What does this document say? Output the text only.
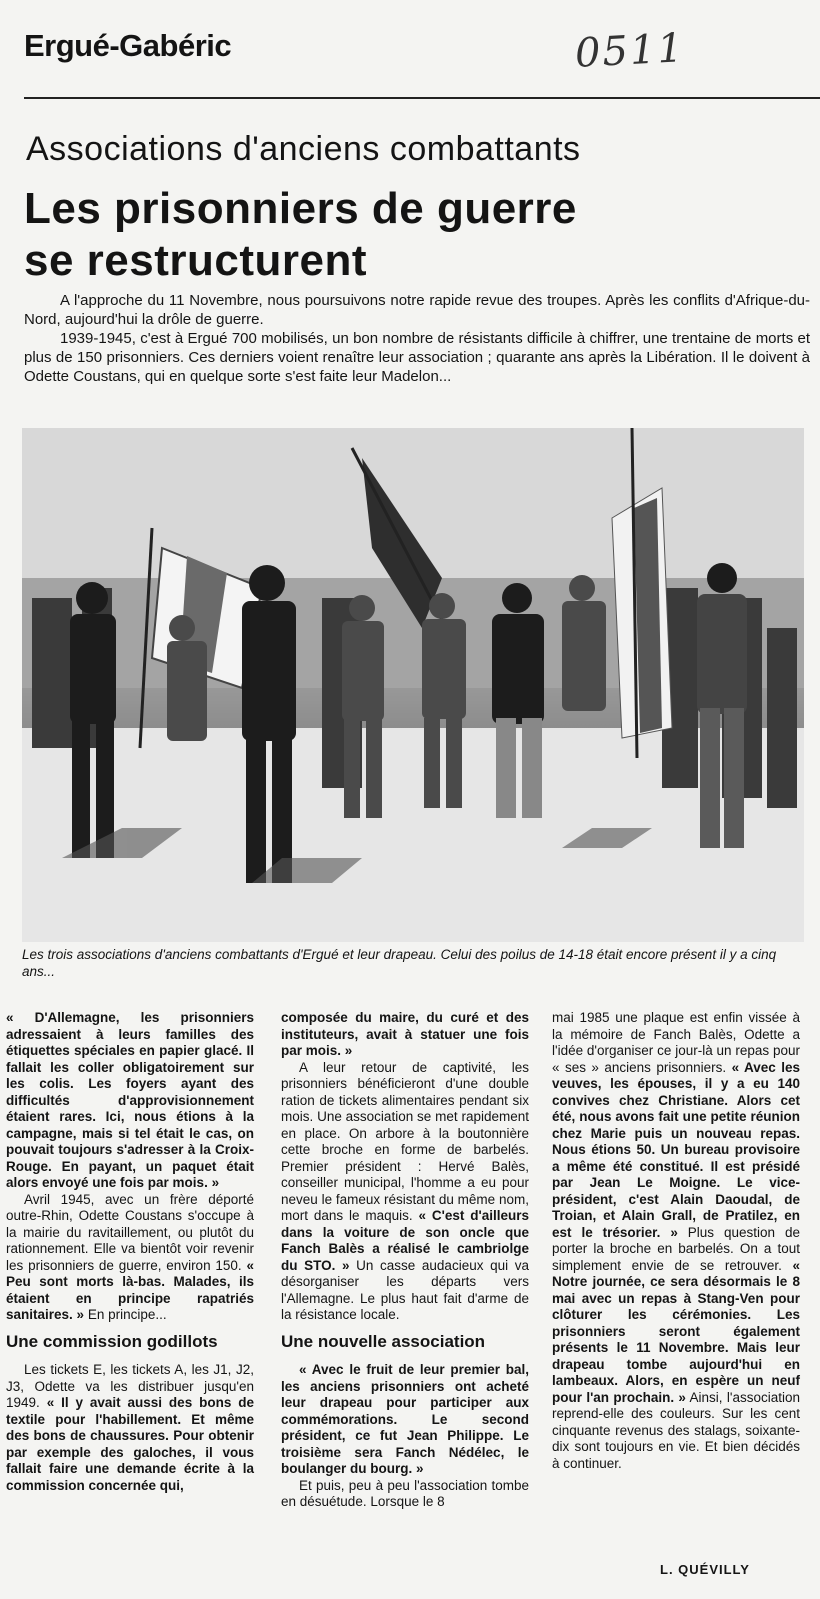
Ergué-Gabéric	0511
Associations d'anciens combattants
Les prisonniers de guerre
se restructurent

A l'approche du 11 Novembre, nous poursuivons notre rapide revue des troupes. Après les conflits d'Afrique-du-Nord, aujourd'hui la drôle de guerre.

1939-1945, c'est à Ergué 700 mobilisés, un bon nombre de résistants difficile à chiffrer, une trentaine de morts et plus de 150 prisonniers. Ces derniers voient renaître leur association ; quarante ans après la Libération. Il le doivent à Odette Coustans, qui en quelque sorte s'est faite leur Madelon...

Les trois associations d'anciens combattants d'Ergué et leur drapeau. Celui des poilus de 14-18 était encore présent il y a cinq ans...

« D'Allemagne, les prisonniers adressaient à leurs familles des étiquettes spéciales en papier glacé. Il fallait les coller obligatoirement sur les colis. Les foyers ayant des difficultés d'approvisionnement étaient rares. Ici, nous étions à la campagne, mais si tel était le cas, on pouvait toujours s'adresser à la Croix-Rouge. En payant, un paquet était alors envoyé une fois par mois. »

Avril 1945, avec un frère déporté outre-Rhin, Odette Coustans s'occupe à la mairie du ravitaillement, ou plutôt du rationnement. Elle va bientôt voir revenir les prisonniers de guerre, environ 150. « Peu sont morts là-bas. Malades, ils étaient en principe rapatriés sanitaires. » En principe...

Une commission godillots

Les tickets E, les tickets A, les J1, J2, J3, Odette va les distribuer jusqu'en 1949. « Il y avait aussi des bons de textile pour l'habillement. Et même des bons de chaussures. Pour obtenir par exemple des galoches, il vous fallait faire une demande écrite à la commission concernée qui,

composée du maire, du curé et des instituteurs, avait à statuer une fois par mois. »

A leur retour de captivité, les prisonniers bénéficieront d'une double ration de tickets alimentaires pendant six mois. Une association se met rapidement en place. On arbore à la boutonnière cette broche en forme de barbelés. Premier président : Hervé Balès, conseiller municipal, l'homme a eu pour neveu le fameux résistant du même nom, mort dans le maquis. « C'est d'ailleurs dans la voiture de son oncle que Fanch Balès a réalisé le cambriolge du STO. » Un casse audacieux qui va désorganiser les départs vers l'Allemagne. Le plus haut fait d'arme de la résistance locale.

Une nouvelle association

« Avec le fruit de leur premier bal, les anciens prisonniers ont acheté leur drapeau pour participer aux commémorations. Le second président, ce fut Jean Philippe. Le troisième sera Fanch Nédélec, le boulanger du bourg. »

Et puis, peu à peu l'association tombe en désuétude. Lorsque le 8

mai 1985 une plaque est enfin vissée à la mémoire de Fanch Balès, Odette a l'idée d'organiser ce jour-là un repas pour « ses » anciens prisonniers. « Avec les veuves, les épouses, il y a eu 140 convives chez Christiane. Alors cet été, nous avons fait une petite réunion chez Marie puis un nouveau repas. Nous étions 50. Un bureau provisoire a même été constitué. Il est présidé par Jean Le Moigne. Le vice-président, c'est Alain Daoudal, de Troian, et Alain Grall, de Pratilez, en est le trésorier. » Plus question de porter la broche en barbelés. On a tout simplement envie de se retrouver. « Notre journée, ce sera désormais le 8 mai avec un repas à Stang-Ven pour clôturer les cérémonies. Les prisonniers seront également présents le 11 Novembre. Mais leur drapeau tombe aujourd'hui en lambeaux. Alors, en espère un neuf pour l'an prochain. » Ainsi, l'association reprend-elle des couleurs. Sur les cent cinquante revenus des stalags, soixante-dix sont toujours en vie. Et bien décidés à continuer.

L. QUÉVILLY
